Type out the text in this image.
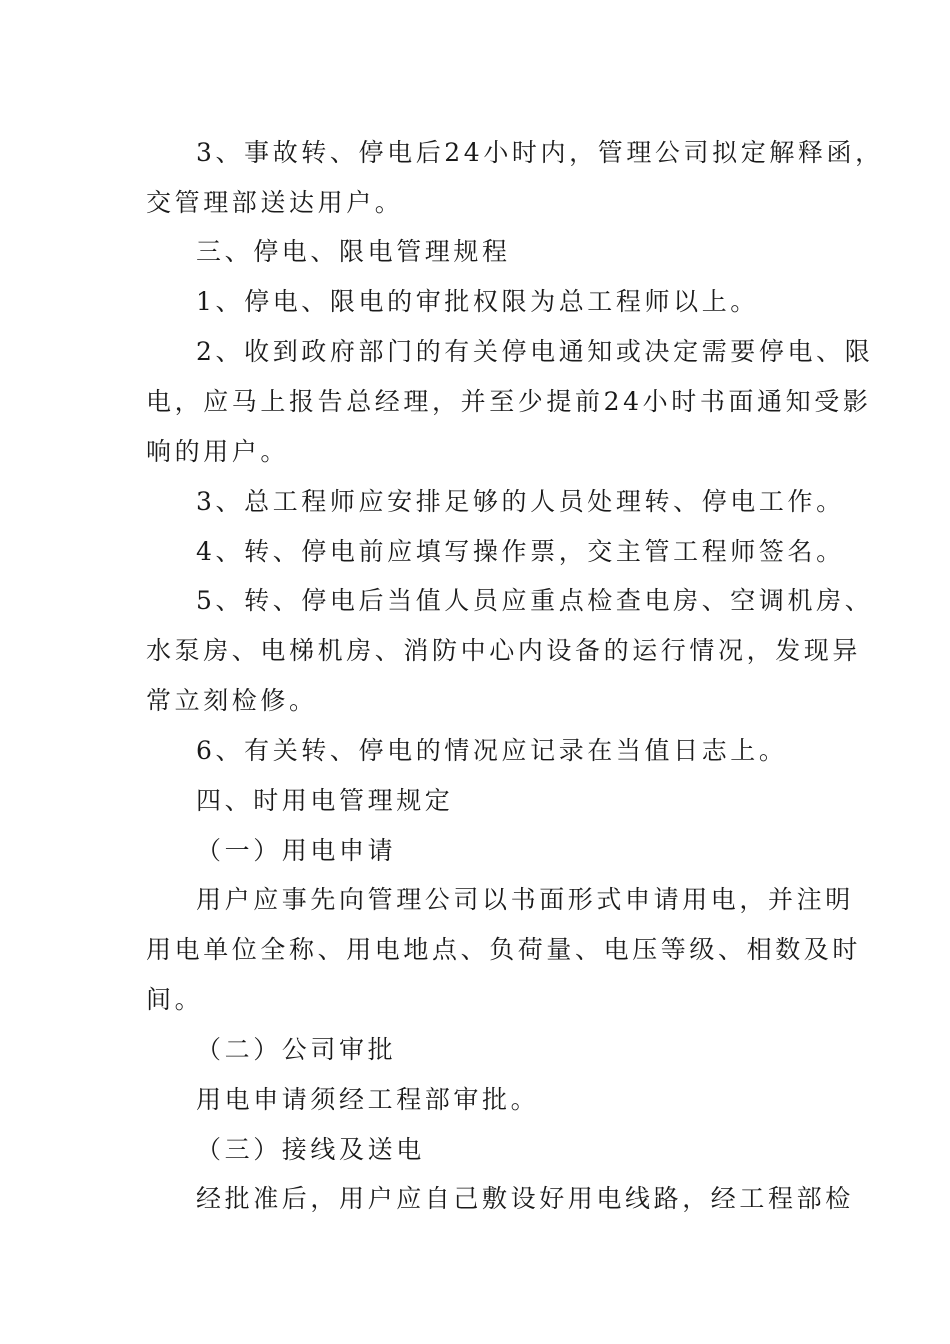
3、事故转、停电后24小时内，管理公司拟定解释函，
交管理部送达用户。
三、停电、限电管理规程
1、停电、限电的审批权限为总工程师以上。
2、收到政府部门的有关停电通知或决定需要停电、限
电，应马上报告总经理，并至少提前24小时书面通知受影
响的用户。
3、总工程师应安排足够的人员处理转、停电工作。
4、转、停电前应填写操作票，交主管工程师签名。
5、转、停电后当值人员应重点检查电房、空调机房、
水泵房、电梯机房、消防中心内设备的运行情况，发现异
常立刻检修。
6、有关转、停电的情况应记录在当值日志上。
四、时用电管理规定
（一）用电申请
用户应事先向管理公司以书面形式申请用电，并注明
用电单位全称、用电地点、负荷量、电压等级、相数及时
间。
（二）公司审批
用电申请须经工程部审批。
（三）接线及送电
经批准后，用户应自己敷设好用电线路，经工程部检
